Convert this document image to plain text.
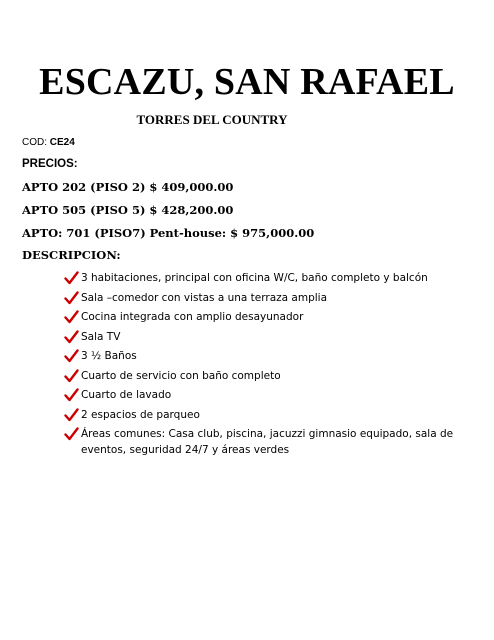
ESCAZU, SAN RAFAEL
TORRES DEL COUNTRY
COD: CE24
PRECIOS:
APTO 202 (PISO 2) $ 409,000.00
APTO 505 (PISO 5) $ 428,200.00
APTO: 701 (PISO7) Pent-house: $ 975,000.00
DESCRIPCION:
3 habitaciones, principal con oficina W/C, baño completo y balcón
Sala –comedor con vistas a una terraza amplia
Cocina integrada con amplio desayunador
Sala TV
3 ½ Baños
Cuarto de servicio con baño completo
Cuarto de lavado
2 espacios de parqueo
Áreas comunes: Casa club, piscina, jacuzzi gimnasio equipado, sala de eventos, seguridad 24/7 y áreas verdes
